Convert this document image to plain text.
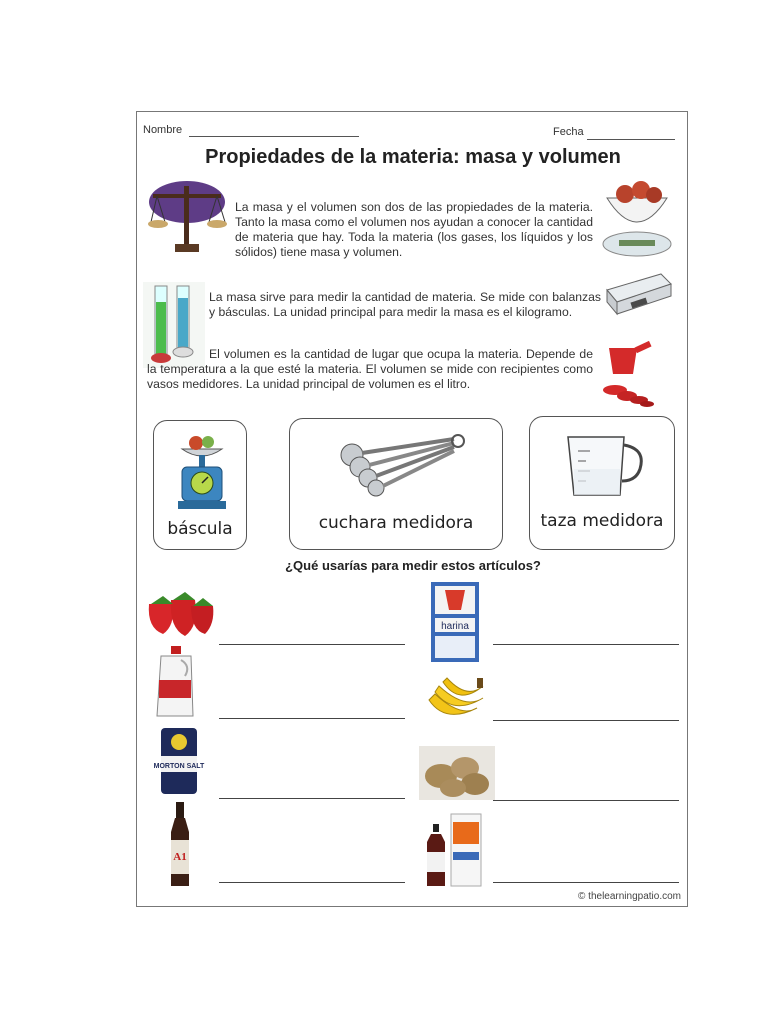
Nombre	Fecha
Propiedades de la materia: masa y volumen
La masa y el volumen son dos de las propiedades de la materia. Tanto la masa como el volumen nos ayudan a conocer la cantidad de materia que hay. Toda la materia (los gases, los líquidos y los sólidos) tiene masa y volumen.
La masa sirve para medir la cantidad de materia. Se mide con balanzas y básculas. La unidad principal para medir la masa es el kilogramo.
El volumen es la cantidad de lugar que ocupa la materia. Depende de la temperatura a la que esté la materia. El volumen se mide con recipientes como vasos medidores. La unidad principal de volumen es el litro.
báscula	cuchara medidora	taza medidora
¿Qué usarías para medir estos artículos?
MORTON SALT
A1
harina
© thelearningpatio.com
